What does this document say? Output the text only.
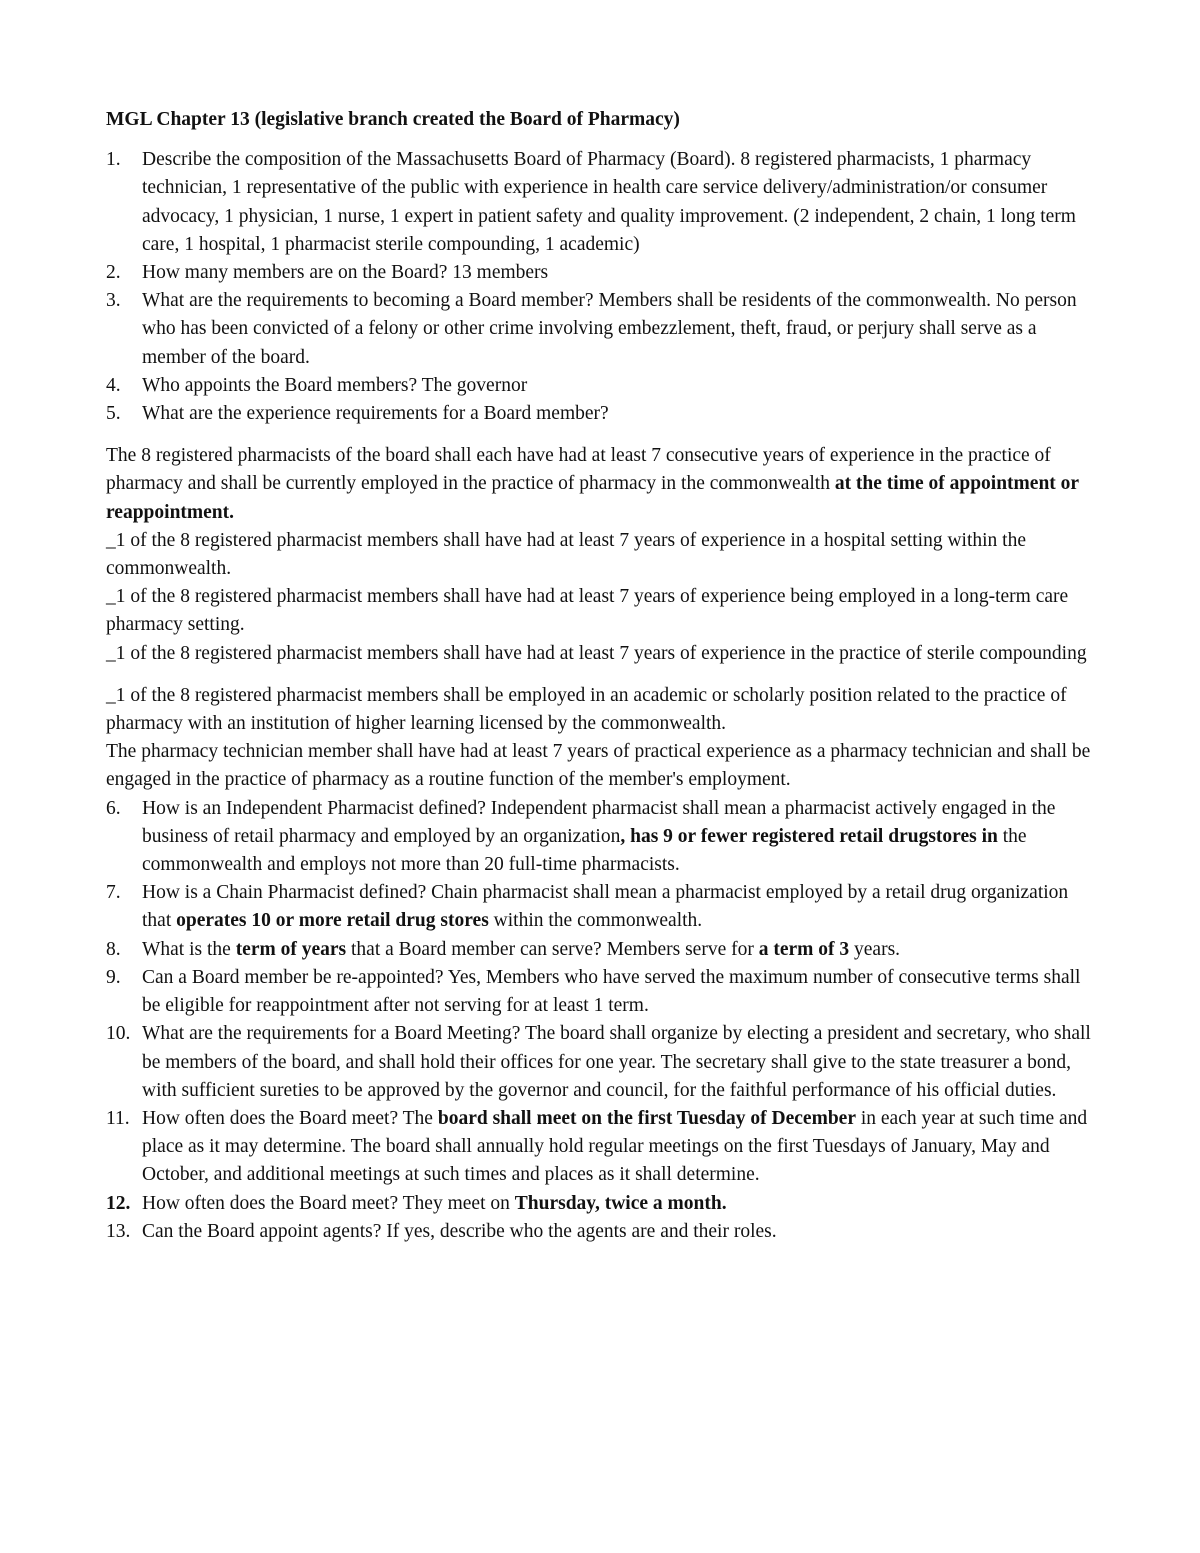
MGL Chapter 13 (legislative branch created the Board of Pharmacy)

1. Describe the composition of the Massachusetts Board of Pharmacy (Board). 8 registered pharmacists, 1 pharmacy technician, 1 representative of the public with experience in health care service delivery/administration/or consumer advocacy, 1 physician, 1 nurse, 1 expert in patient safety and quality improvement. (2 independent, 2 chain, 1 long term care, 1 hospital, 1 pharmacist sterile compounding, 1 academic)
2. How many members are on the Board? 13 members
3. What are the requirements to becoming a Board member? Members shall be residents of the commonwealth. No person who has been convicted of a felony or other crime involving embezzlement, theft, fraud, or perjury shall serve as a member of the board.
4. Who appoints the Board members? The governor
5. What are the experience requirements for a Board member?

The 8 registered pharmacists of the board shall each have had at least 7 consecutive years of experience in the practice of pharmacy and shall be currently employed in the practice of pharmacy in the commonwealth at the time of appointment or reappointment.

_1 of the 8 registered pharmacist members shall have had at least 7 years of experience in a hospital setting within the commonwealth.

_1 of the 8 registered pharmacist members shall have had at least 7 years of experience being employed in a long-term care pharmacy setting.

_1 of the 8 registered pharmacist members shall have had at least 7 years of experience in the practice of sterile compounding

_1 of the 8 registered pharmacist members shall be employed in an academic or scholarly position related to the practice of pharmacy with an institution of higher learning licensed by the commonwealth.

The pharmacy technician member shall have had at least 7 years of practical experience as a pharmacy technician and shall be engaged in the practice of pharmacy as a routine function of the member's employment.

6. How is an Independent Pharmacist defined? Independent pharmacist shall mean a pharmacist actively engaged in the business of retail pharmacy and employed by an organization, has 9 or fewer registered retail drugstores in the commonwealth and employs not more than 20 full-time pharmacists.
7. How is a Chain Pharmacist defined? Chain pharmacist shall mean a pharmacist employed by a retail drug organization that operates 10 or more retail drug stores within the commonwealth.
8. What is the term of years that a Board member can serve? Members serve for a term of 3 years.
9. Can a Board member be re-appointed? Yes, Members who have served the maximum number of consecutive terms shall be eligible for reappointment after not serving for at least 1 term.
10. What are the requirements for a Board Meeting? The board shall organize by electing a president and secretary, who shall be members of the board, and shall hold their offices for one year. The secretary shall give to the state treasurer a bond, with sufficient sureties to be approved by the governor and council, for the faithful performance of his official duties.
11. How often does the Board meet? The board shall meet on the first Tuesday of December in each year at such time and place as it may determine. The board shall annually hold regular meetings on the first Tuesdays of January, May and October, and additional meetings at such times and places as it shall determine.
12. How often does the Board meet? They meet on Thursday, twice a month.
13. Can the Board appoint agents? If yes, describe who the agents are and their roles.
